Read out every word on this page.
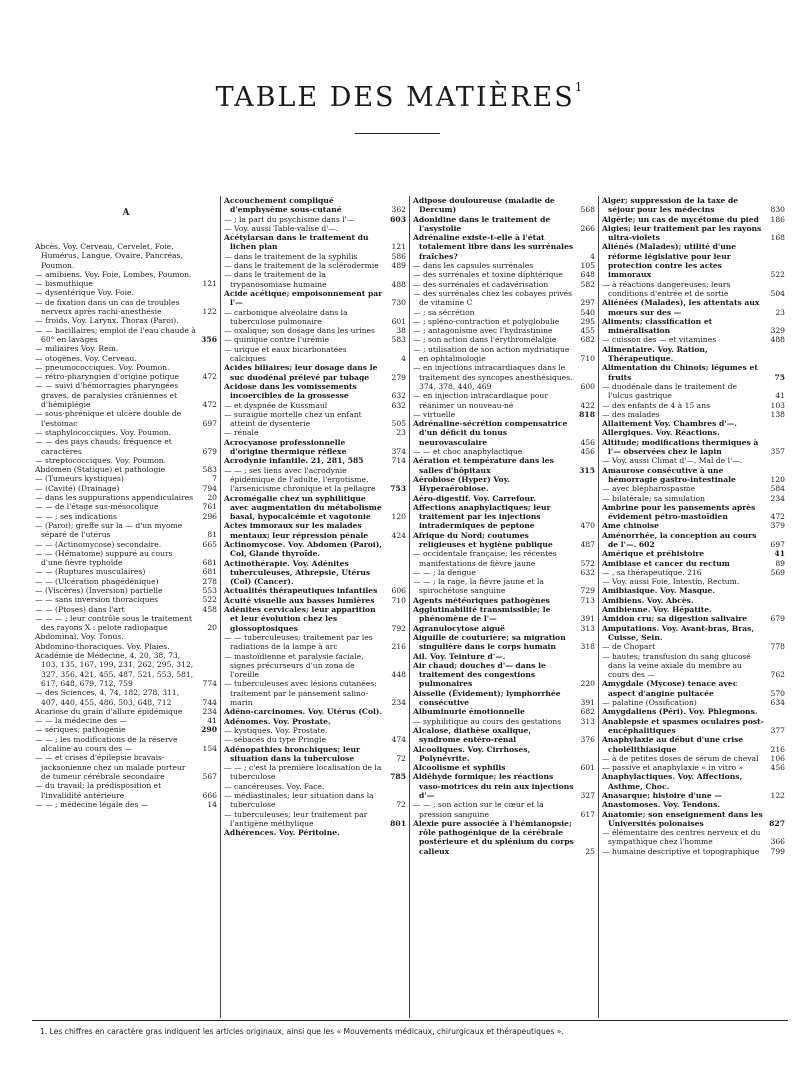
TABLE DES MATIÈRES$^1$
A
Abcès. Voy. Cerveau, Cervelet, Foie, Humérus, Langue, Ovaire, Pancréas, Poumon.
— amibiens. Voy. Foie, Lombes, Poumon.
— bismuthique	121
— dysentérique Voy. Foie.
— de fixation dans un cas de troubles nerveux après rachi-anesthésie	122
— froids. Voy. Larynx, Thorax (Paroi).
— — bacillaires; emploi de l'eau chaude à 60° en lavages	356
— miliaires Voy. Rein.
— otogènes. Voy. Cerveau.
— pneumococciques. Voy. Poumon.
— rétro-pharyngien d'origine potique	472
— — suivi d'hémorragies pharyngées graves, de paralysies crâniennes et d'hémiplégie	472
— sous-phrénique et ulcère double de l'estomac	697
— staphylococciques. Voy. Poumon.
— — des pays chauds; fréquence et caractères	679
— streptococciques. Voy. Poumon.
Abdomen (Statique) et pathologie	583
— (Tumeurs kystiques)	7
— (Cavité) (Drainage)	794
— dans les suppurations appendiculaires	20
— — de l'étage sus-mésocolique	761
— — ; ses indications	296
— (Paroi); greffe sur la — d'un myome séparé de l'utérus	81
— — (Actinomycose) secondaire.	665
— — (Hématome) suppuré au cours d'une fièvre typhoïde	681
— — (Ruptures musculaires)	681
— — (Ulcération phagédénique)	278
— (Viscères) (Inversion) partielle	553
— — sans inversion thoraciques	522
— — (Ptoses) dans l'art	458
— — — ; leur contrôle sous le traitement des rayons X : pelote radiopaque	20
Abdominal. Voy. Tonus.
Abdomino-thoraciques. Voy. Plaies.
Académie de Médecine, 4, 20, 38, 73, 103, 135, 167, 199, 231, 262, 295, 312, 327, 356, 421, 455, 487, 521, 553, 581, 617, 648, 679, 712, 759	774
— des Sciences, 4, 74, 182, 278, 311, 407, 440, 455, 486, 503, 648, 712	744
Acariose du grain d'allure épidémique	234
— — la médecine des —	41
— sériques; pathogénie	290
— — ; les modifications de la réserve alcaline au cours des —	154
— — et crises d'épilepsie bravais-jacksonienne chez un malade porteur de tumeur cérébrale secondaire	567
— du travail; la prédisposition et l'invalidité antérieure	666
— — ; médecine légale des —	14
Accouchement compliqué d'emphysème sous-cutané	362
— ; la part du psychisme dans l'—	603
— Voy. aussi Table-valise d'—.
Acétylarsan dans le traitement du lichen plan	121
— dans le traitement de la syphilis	586
— dans le traitement de la sclérodermie	489
— dans le traitement de la trypanosomiase humaine	488
Acide acétique; empoisonnement par l'—	730
— carbonique alvéolaire dans la tuberculose pulmonaire	601
— oxalique; son dosage dans les urines	38
— quinique contre l'urémie	583
— urique et eaux bicarbonatées calciques	4
Acides biliaires; leur dosage dans le suc duodénal prélevé par tubage	279
Acidose dans les vomissements incoercibles de la grossesse	632
— et dyspnée de Kussmaul	632
— suraigüe mortelle chez un enfant atteint de dysenterie	505
— rénale	23
Acrocyanose professionnelle d'origine thermique réflexe	374
Acrodynie infantile. 21, 281, 585	714
— — ; ses liens avec l'acrodynie épidémique de l'adulte, l'ergotisme, l'arsenicisme chronique et la pellagre	753
Acromégalie chez un syphilitique avec augmentation du métabolisme basal, hypocalcémie et vagotonie	120
Actes immoraux sur les malades mentaux; leur répression pénale	424
Actinomycose. Voy. Abdomen (Paroi), Col, Glande thyroïde.
Actinothérapie. Voy. Adénites tuberculeuses, Athrepsie, Utérus (Col) (Cancer).
Actualités thérapeutiques infantiles	606
Acuité visuelle aux basses lumières	710
Adénites cervicales; leur apparition et leur évolution chez les glossoptosiques	792
— — tuberculeuses; traitement par les radiations de la lampe à arc	216
— mastoïdienne et paralysie faciale, signes précurseurs d'un zona de l'oreille	448
— tuberculeuses avec lésions cutanées; traitement par le pansement salino-marin	234
Adéno-carcinomes. Voy. Utérus (Col).
Adénomes. Voy. Prostate.
— kystiques. Voy. Prostate.
— sébacés du type Pringle	474
Adénopathies bronchiques; leur situation dans la tuberculose	72
— — ; c'est la première localisation de la tuberculose	785
— cancéreuses. Voy. Face.
— médiastinales; leur situation dans la tuberculose	72
— tuberculeuses; leur traitement par l'antigène méthylique	801
Adhérences. Voy. Péritoine.
Adipose douloureuse (maladie de Dercum)	568
Adonidine dans le traitement de l'asystolie	266
Adrénaline existe-t-elle à l'état totalement libre dans les surrénales fraîches?	4
— dans les capsules surrénales	105
— des surrénales et toxine diphtérique	648
— des surrénales et cadavérisation	582
— des surrénales chez les cobayes privés de vitamine C	297
— ; sa sécrétion	540
— ; spléno-contraction et polyglobulie	295
— ; antagonisme avec l'hydrastinine	455
— ; son action dans l'érythromélalgie	682
— ; utilisation de son action mydriatique en ophtalmologie	710
— en injections intracardiaques dans le traitement des syncopes anesthésiques. 374, 378, 440, 469	600
— en injection intracardiaque pour réanimer un nouveau-né	422
— virtuelle	818
Adrénaline-sécrétion compensatrice d'un déficit du tonus neurovasculaire	456
— — et choc anaphylactique	456
Aération et température dans les salles d'hôpitaux	315
Aérobiose (Hyper) Voy. Hyperaérobiose.
Aéro-digestif. Voy. Carrefour.
Affections anaphylactiques; leur traitement par les injections intradermiques de peptone	470
Afrique du Nord; coutumes religieuses et hygiène publique	487
— occidentale française; les récentes manifestations de fièvre jaune	572
— — ; la dengue	632
— — ; la rage, la fièvre jaune et la spirochétose sanguine	729
Agents météoriques pathogènes	713
Agglutinabilité transmissible; le phénomène de l'—	391
Agranulocytose aiguë	313
Aiguille de couturière; sa migration singulière dans le corps humain	318
Ail. Voy. Teinture d'—.
Air chaud; douches d'— dans le traitement des congestions pulmonaires	220
Aisselle (Évidement); lymphorrhée consécutive	391
Albuminurie émotionnelle	682
— syphilitique au cours des gestations	313
Alcalose, diathèse oxalique, syndrome entéro-rénal	376
Alcooliques. Voy. Cirrhoses, Polynévrite.
Alcoolisme et syphilis	601
Aldéhyde formique; les réactions vaso-motrices du rein aux injections d'—	327
— — ; son action sur le cœur et la pression sanguine	617
Alexie pure associée à l'hémianopsie; rôle pathogénique de la cérébrale postérieure et du splénium du corps calleux	25
Alger; suppression de la taxe de séjour pour les médecins	830
Algérie; un cas de mycétome du pied	186
Algies; leur traitement par les rayons ultra-violets	168
Aliénés (Malades); utilité d'une réforme législative pour leur protection contre les actes immoraux	522
— à réactions dangereuses; leurs conditions d'entrée et de sortie	504
Aliénées (Malades), les attentats aux mœurs sur des —	23
Aliments; classification et minéralisation	329
— cuisson des — et vitamines	488
Alimentaire. Voy. Ration, Thérapeutique.
Alimentation du Chinois; légumes et fruits	75
— duodénale dans le traitement de l'ulcus gastrique	41
— des enfants de 4 à 15 ans	103
— des malades	138
Allaitement Voy. Chambres d'—.
Allergiques. Voy. Réactions.
Altitude; modifications thermiques à l'— observées chez le lapin	357
— Voy. aussi Climat d'—, Mal de l'—.
Amaurose consécutive à une hémorragie gastro-intestinale	120
— avec blépharospasme	584
— bilatérale; sa simulation	234
Ambrine pour les pansements après évidement pétro-mastoïdien	472
Ame chinoise	379
Aménorrhée, la conception au cours de l'—. 602	697
Amérique et préhistoire	41
Amibiase et cancer du rectum	89
— , sa thérapeutique. 216	569
— Voy. aussi Foie, Intestin, Rectum.
Amibiasique. Voy. Masque.
Amibiens. Voy. Abcès.
Amibienne. Voy. Hépatite.
Amidon cru; sa digestion salivaire	679
Amputations. Voy. Avant-bras, Bras, Cuisse, Sein.
— de Chopart	778
— hautes; transfusion du sang glucosé dans la veine axiale du membre au cours des —	762
Amygdale (Mycose) tenace avec aspect d'angine pultacée	570
— palatine (Ossification)	634
Amygdaliens (Péri). Voy. Phlegmons.
Anablepsie et spasmes oculaires post-encéphalitiques	377
Anaphylaxie au début d'une crise cholélithiasique	216
— à de petites doses de sérum de cheval	106
— passive et anaphylaxie « in vitro »	456
Anaphylactiques. Voy. Affections, Asthme, Choc.
Anasarque; histoire d'une —	122
Anastomoses. Voy. Tendons.
Anatomie; son enseignement dans les Universités polonaises	827
— élémentaire des centres nerveux et du sympathique chez l'homme	366
— humaine descriptive et topographique	799
1. Les chiffres en caractère gras indiquent les articles originaux, ainsi que les « Mouvements médicaux, chirurgicaux et thérapeutiques ».
